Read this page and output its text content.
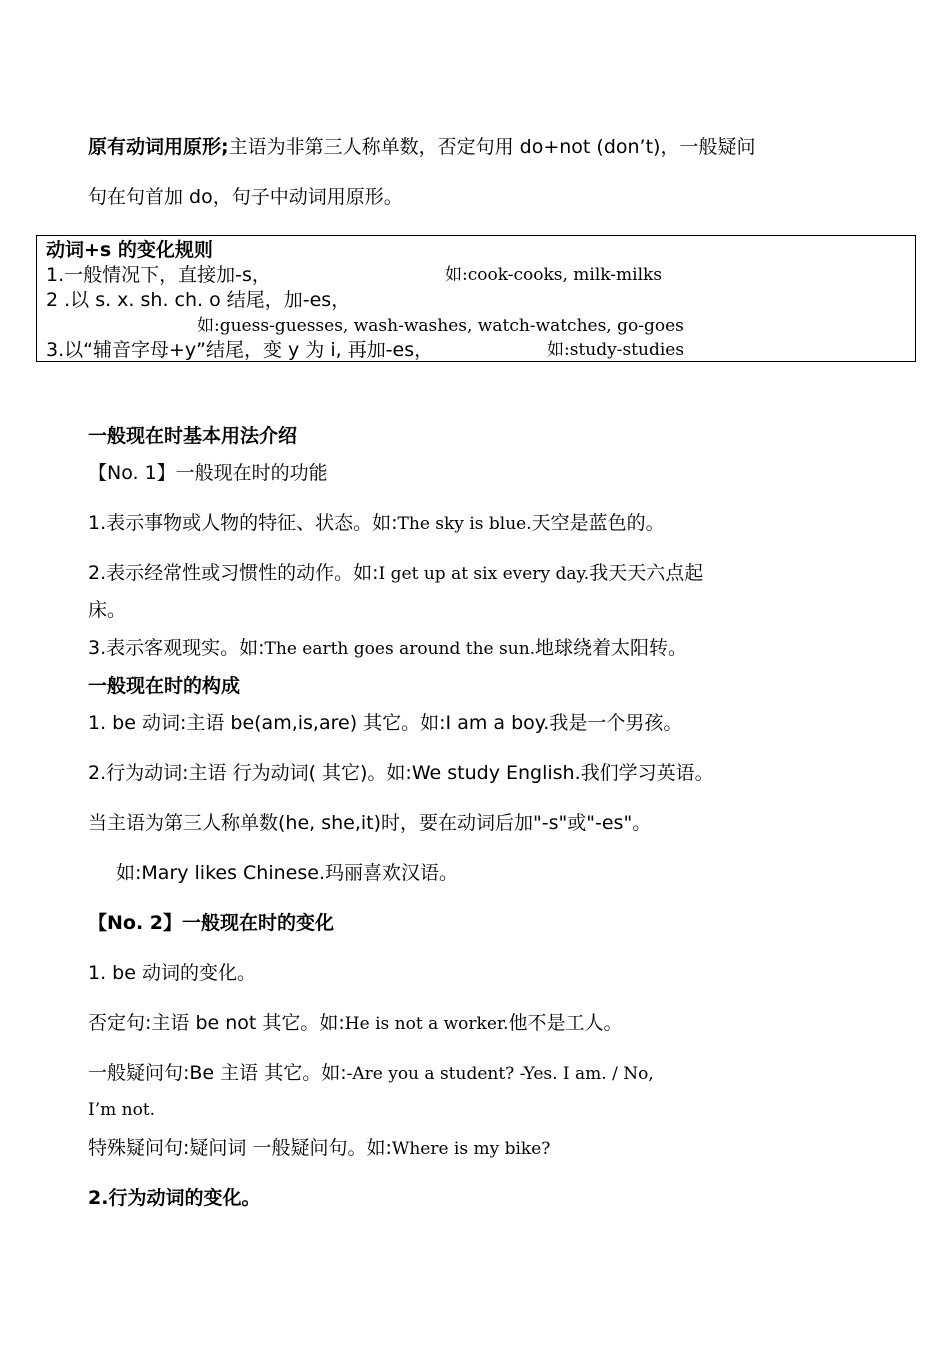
原有动词用原形;主语为非第三人称单数，否定句用 do+not (don’t)，一般疑问
句在句首加 do，句子中动词用原形。
动词+s 的变化规则
1.一般情况下，直接加-s，	如:cook-cooks, milk-milks
2 .以 s. x. sh. ch. o 结尾，加-es，
如:guess-guesses, wash-washes, watch-watches, go-goes
3.以“辅音字母+y”结尾，变 y 为 i, 再加-es，	如:study-studies
一般现在时基本用法介绍
【No. 1】一般现在时的功能
1.表示事物或人物的特征、状态。如:The sky is blue.天空是蓝色的。
2.表示经常性或习惯性的动作。如:I get up at six every day.我天天六点起
床。
3.表示客观现实。如:The earth goes around the sun.地球绕着太阳转。
一般现在时的构成
1. be 动词:主语 be(am,is,are) 其它。如:I am a boy.我是一个男孩。
2.行为动词:主语 行为动词( 其它)。如:We study English.我们学习英语。
当主语为第三人称单数(he, she,it)时，要在动词后加"-s"或"-es"。
如:Mary likes Chinese.玛丽喜欢汉语。
【No. 2】一般现在时的变化
1. be 动词的变化。
否定句:主语 be not 其它。如:He is not a worker.他不是工人。
一般疑问句:Be 主语 其它。如:-Are you a student? -Yes. I am. / No,
I’m not.
特殊疑问句:疑问词 一般疑问句。如:Where is my bike?
2.行为动词的变化。
